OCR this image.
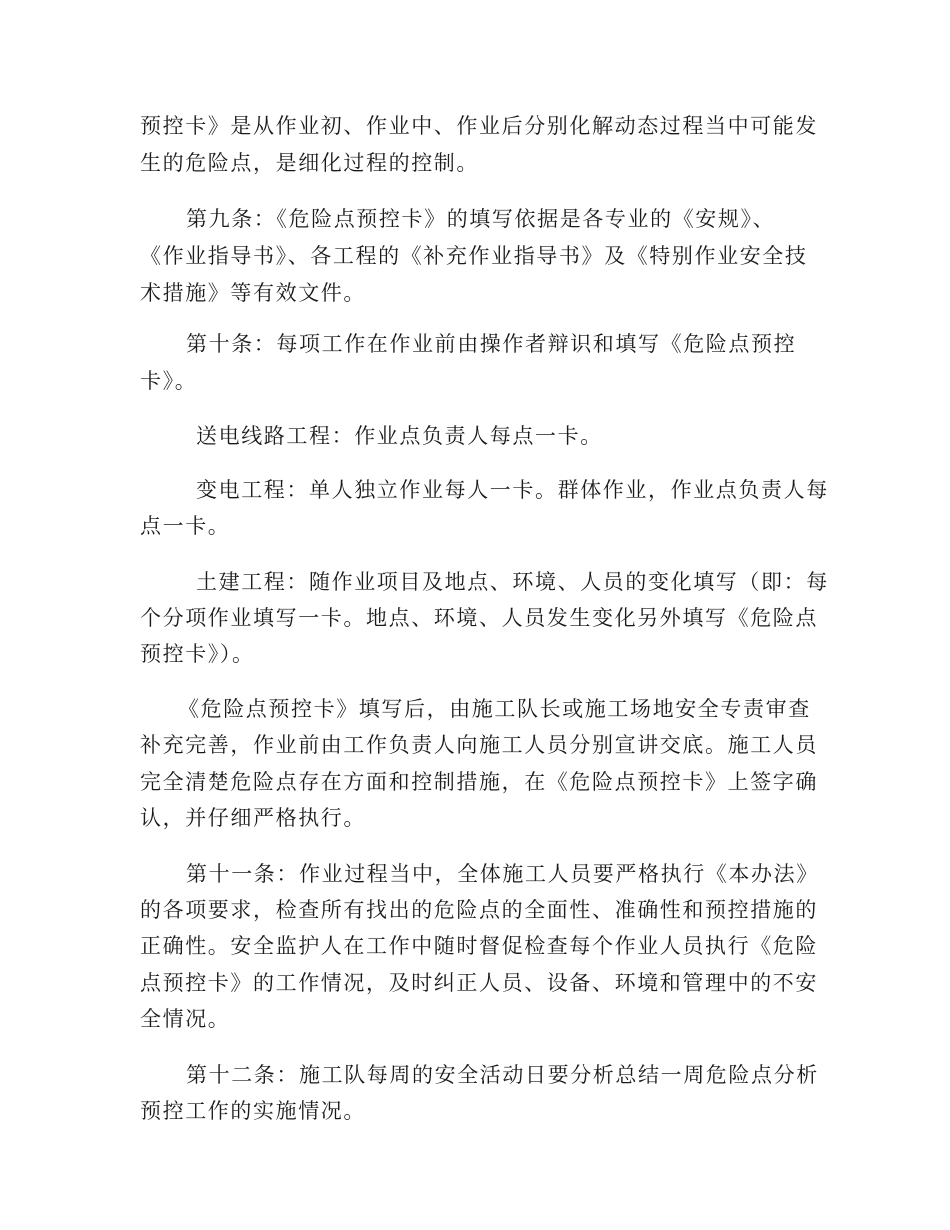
预控卡》是从作业初、作业中、作业后分别化解动态过程当中可能发
生的危险点，是细化过程的控制。
第九条：《危险点预控卡》的填写依据是各专业的《安规》、
《作业指导书》、各工程的《补充作业指导书》及《特别作业安全技
术措施》等有效文件。
第十条：每项工作在作业前由操作者辩识和填写《危险点预控
卡》。
送电线路工程：作业点负责人每点一卡。
变电工程：单人独立作业每人一卡。群体作业，作业点负责人每
点一卡。
土建工程：随作业项目及地点、环境、人员的变化填写（即：每
个分项作业填写一卡。地点、环境、人员发生变化另外填写《危险点
预控卡》）。
《危险点预控卡》填写后，由施工队长或施工场地安全专责审查
补充完善，作业前由工作负责人向施工人员分别宣讲交底。施工人员
完全清楚危险点存在方面和控制措施，在《危险点预控卡》上签字确
认，并仔细严格执行。
第十一条：作业过程当中，全体施工人员要严格执行《本办法》
的各项要求，检查所有找出的危险点的全面性、准确性和预控措施的
正确性。安全监护人在工作中随时督促检查每个作业人员执行《危险
点预控卡》的工作情况，及时纠正人员、设备、环境和管理中的不安
全情况。
第十二条：施工队每周的安全活动日要分析总结一周危险点分析
预控工作的实施情况。
